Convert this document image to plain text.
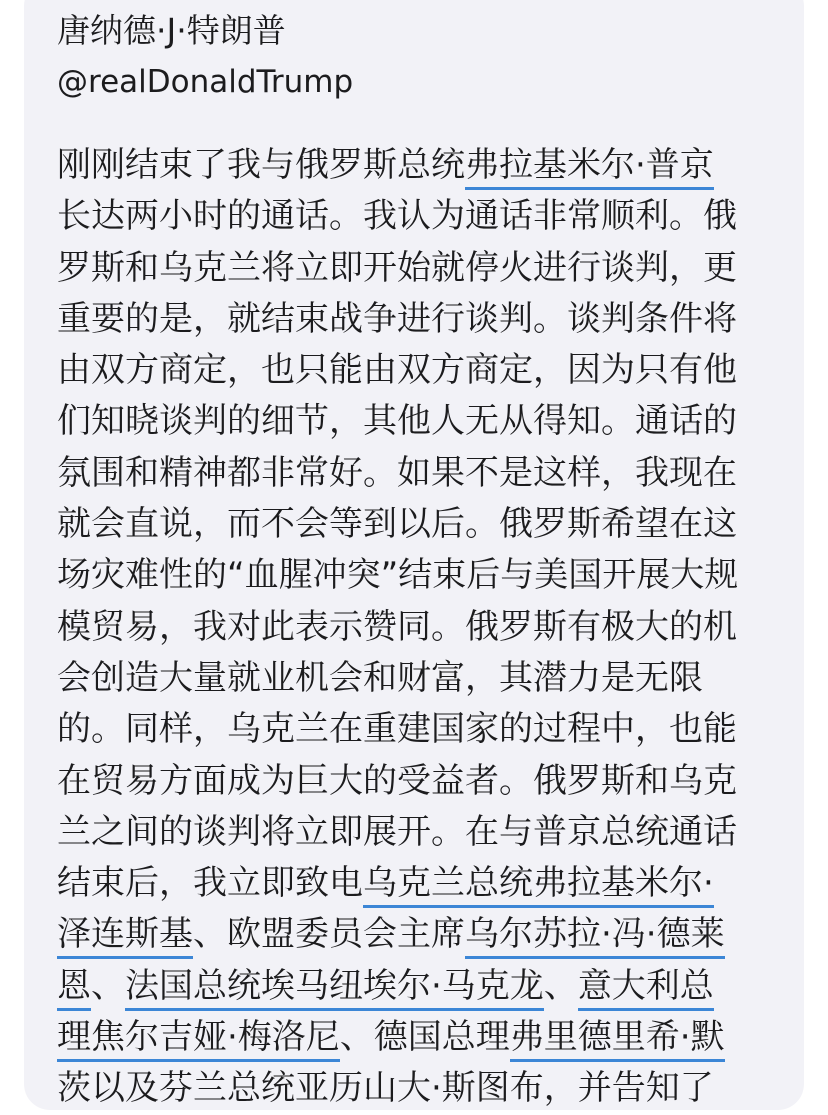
唐纳德·J·特朗普
@realDonaldTrump
刚刚结束了我与俄罗斯总统弗拉基米尔·普京
长达两小时的通话。我认为通话非常顺利。俄
罗斯和乌克兰将立即开始就停火进行谈判，更
重要的是，就结束战争进行谈判。谈判条件将
由双方商定，也只能由双方商定，因为只有他
们知晓谈判的细节，其他人无从得知。通话的
氛围和精神都非常好。如果不是这样，我现在
就会直说，而不会等到以后。俄罗斯希望在这
场灾难性的“血腥冲突”结束后与美国开展大规
模贸易，我对此表示赞同。俄罗斯有极大的机
会创造大量就业机会和财富，其潜力是无限
的。同样，乌克兰在重建国家的过程中，也能
在贸易方面成为巨大的受益者。俄罗斯和乌克
兰之间的谈判将立即展开。在与普京总统通话
结束后，我立即致电乌克兰总统弗拉基米尔·
泽连斯基、欧盟委员会主席乌尔苏拉·冯·德莱
恩、法国总统埃马纽埃尔·马克龙、意大利总
理焦尔吉娅·梅洛尼、德国总理弗里德里希·默
茨以及芬兰总统亚历山大·斯图布，并告知了
